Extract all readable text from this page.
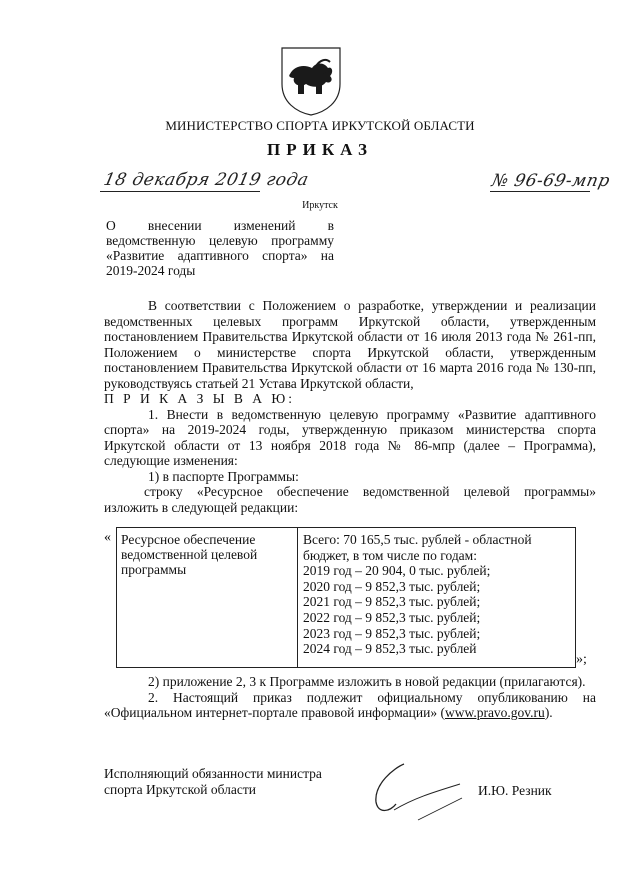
МИНИСТЕРСТВО СПОРТА ИРКУТСКОЙ ОБЛАСТИ
ПРИКАЗ
18 декабря 2019 года	№ 96-69-мпр
Иркутск
О внесении изменений в ведомственную целевую программу «Развитие адаптивного спорта» на 2019-2024 годы

В соответствии с Положением о разработке, утверждении и реализации ведомственных целевых программ Иркутской области, утвержденным постановлением Правительства Иркутской области от 16 июля 2013 года № 261-пп, Положением о министерстве спорта Иркутской области, утвержденным постановлением Правительства Иркутской области от 16 марта 2016 года № 130-пп, руководствуясь статьей 21 Устава Иркутской области,

П Р И К А З Ы В А Ю:

1. Внести в ведомственную целевую программу «Развитие адаптивного спорта» на 2019-2024 годы, утвержденную приказом министерства спорта Иркутской области от 13 ноября 2018 года № 86-мпр (далее – Программа), следующие изменения:

1) в паспорте Программы:

строку «Ресурсное обеспечение ведомственной целевой программы» изложить в следующей редакции:

« Ресурсное обеспечение ведомственной целевой программы
Всего: 70 165,5 тыс. рублей - областной бюджет, в том числе по годам:
2019 год – 20 904, 0 тыс. рублей;
2020 год – 9 852,3 тыс. рублей;
2021 год – 9 852,3 тыс. рублей;
2022 год – 9 852,3 тыс. рублей;
2023 год – 9 852,3 тыс. рублей;
2024 год – 9 852,3 тыс. рублей
»;

2) приложение 2, 3 к Программе изложить в новой редакции (прилагаются).

2. Настоящий приказ подлежит официальному опубликованию на «Официальном интернет-портале правовой информации» (www.pravo.gov.ru).

Исполняющий обязанности министра
спорта Иркутской области	И.Ю. Резник
